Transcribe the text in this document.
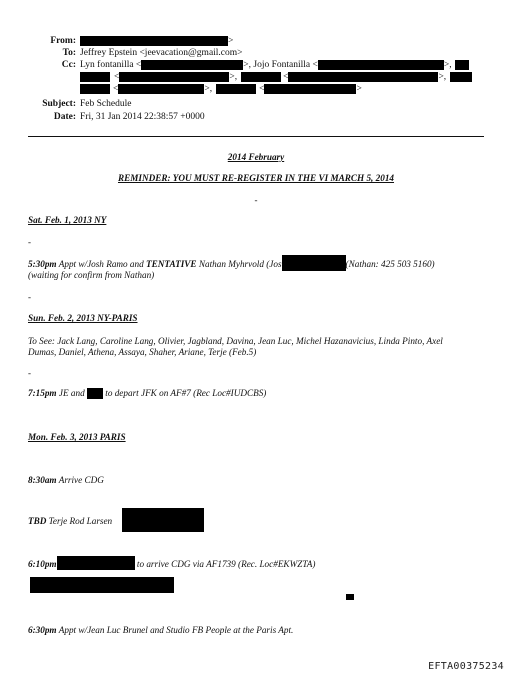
From:	>
To: Jeffrey Epstein <jeevacation@gmail.com>
Cc: Lyn fontanilla <	>, Jojo Fontanilla <	>,
<	>,	<	>,
<	>,	<	>
Subject: Feb Schedule
Date: Fri, 31 Jan 2014 22:38:57 +0000
2014 February
REMINDER: YOU MUST RE-REGISTER IN THE VI MARCH 5, 2014
-
Sat. Feb. 1, 2013 NY
-
5:30pm Appt w/Josh Ramo and TENTATIVE Nathan Myhrvold (Jos	(Nathan: 425 503 5160)
(waiting for confirm from Nathan)
-
Sun. Feb. 2, 2013 NY-PARIS
To See: Jack Lang, Caroline Lang, Olivier, Jagbland, Davina, Jean Luc, Michel Hazanavicius, Linda Pinto, Axel
Dumas, Daniel, Athena, Assaya, Shaher, Ariane, Terje (Feb.5)
-
7:15pm JE and to depart JFK on AF#7 (Rec Loc#IUDCBS)
Mon. Feb. 3, 2013 PARIS
8:30am Arrive CDG
TBD Terje Rod Larsen
6:10pm	to arrive CDG via AF1739 (Rec. Loc#EKWZTA)
6:30pm Appt w/Jean Luc Brunel and Studio FB People at the Paris Apt.
EFTA00375234
